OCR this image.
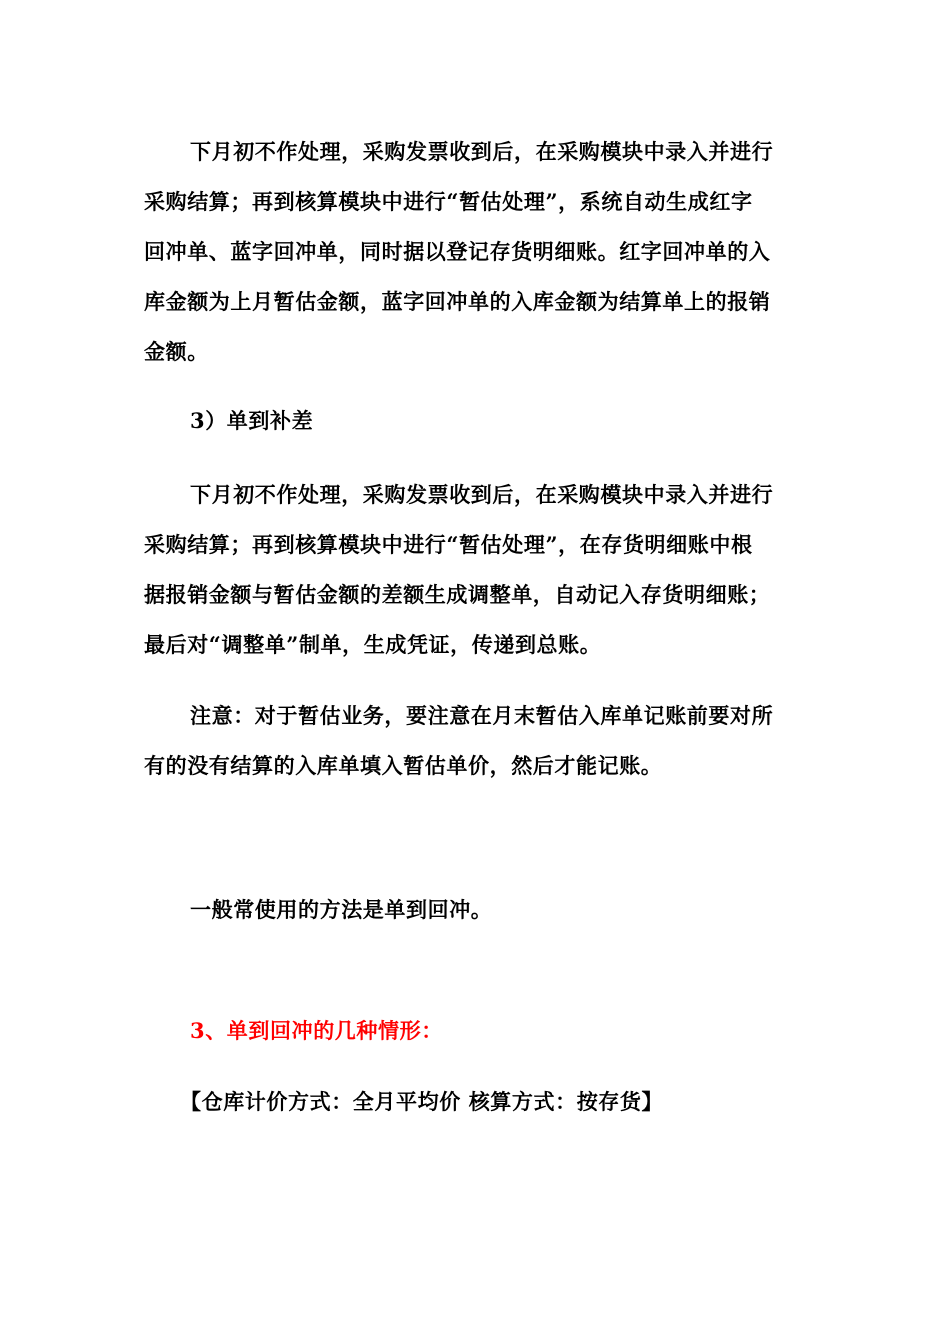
下月初不作处理，采购发票收到后，在采购模块中录入并进行
采购结算；再到核算模块中进行“暂估处理”，系统自动生成红字
回冲单、蓝字回冲单，同时据以登记存货明细账。红字回冲单的入
库金额为上月暂估金额，蓝字回冲单的入库金额为结算单上的报销
金额。
3）单到补差
下月初不作处理，采购发票收到后，在采购模块中录入并进行
采购结算；再到核算模块中进行“暂估处理”，在存货明细账中根
据报销金额与暂估金额的差额生成调整单，自动记入存货明细账；
最后对“调整单”制单，生成凭证，传递到总账。
注意：对于暂估业务，要注意在月末暂估入库单记账前要对所
有的没有结算的入库单填入暂估单价，然后才能记账。
一般常使用的方法是单到回冲。
3、单到回冲的几种情形：
【仓库计价方式：全月平均价 核算方式：按存货】
